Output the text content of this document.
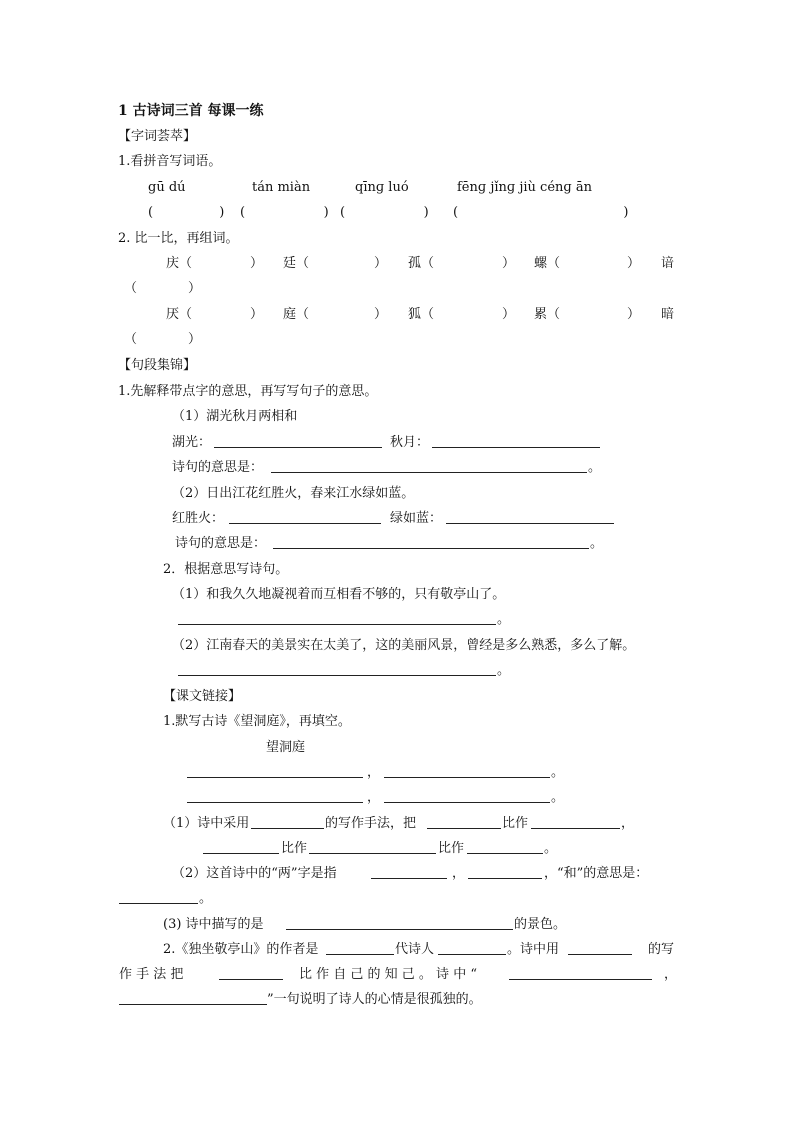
1 古诗词三首 每课一练
【字词荟萃】
1.看拼音写词语。
gū dú	tán miàn	qīnɡ luó	fēnɡ jǐnɡ jiù cénɡ ān
(                ) (                   ) (                   ) (                                        )
2. 比一比，再组词。
庆（	） 廷（	） 孤（	） 螺（	） 谙
（	）
厌（	） 庭（	） 狐（	） 累（	） 暗
（	）
【句段集锦】
1.先解释带点字的意思，再写写句子的意思。
（1）湖光秋月两相和
湖光：	秋月：
诗句的意思是：	。
（2）日出江花红胜火，春来江水绿如蓝。
红胜火：	绿如蓝：
诗句的意思是：	。
2．根据意思写诗句。
（1）和我久久地凝视着而互相看不够的，只有敬亭山了。
。
（2）江南春天的美景实在太美了，这的美丽风景，曾经是多么熟悉，多么了解。
。
【课文链接】
1.默写古诗《望洞庭》，再填空。
望洞庭
，	。
，	。
（1）诗中采用	的写作手法，把	比作	，
比作	比作	。
（2）这首诗中的“两”字是指	，	，“和”的意思是：
。
(3) 诗中描写的是	的景色。
2.《独坐敬亭山》的作者是	代诗人	。诗中用	的写
作 手 法 把	比 作 自 己 的 知 己 。 诗 中 “	，
”一句说明了诗人的心情是很孤独的。
